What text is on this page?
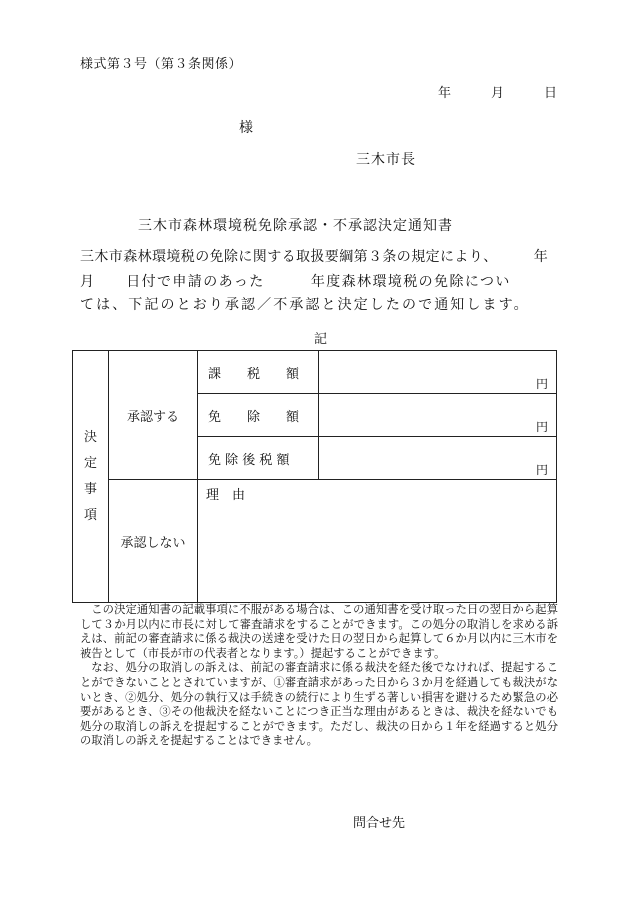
様式第３号（第３条関係）
年	月	日
様
三木市長
三木市森林環境税免除承認・不承認決定通知書
三木市森林環境税の免除に関する取扱要綱第３条の規定により、　　　年
月　　日付で申請のあった　　　年度森林環境税の免除につい
ては、下記のとおり承認／不承認と決定したので通知します。
記
決
定
事
項	承認する	課　　税　　額	円

		免　　除　　額	円

		免 除 後 税 額	円

	承認しない	理　由	

この決定通知書の記載事項に不服がある場合は、この通知書を受け取った日の翌日から起算して３か月以内に市長に対して審査請求をすることができます。この処分の取消しを求める訴えは、前記の審査請求に係る裁決の送達を受けた日の翌日から起算して６か月以内に三木市を被告として（市長が市の代表者となります。）提起することができます。

なお、処分の取消しの訴えは、前記の審査請求に係る裁決を経た後でなければ、提起することができないこととされていますが、①審査請求があった日から３か月を経過しても裁決がないとき、②処分、処分の執行又は手続きの続行により生ずる著しい損害を避けるため緊急の必要があるとき、③その他裁決を経ないことにつき正当な理由があるときは、裁決を経ないでも処分の取消しの訴えを提起することができます。ただし、裁決の日から１年を経過すると処分の取消しの訴えを提起することはできません。

問合せ先
